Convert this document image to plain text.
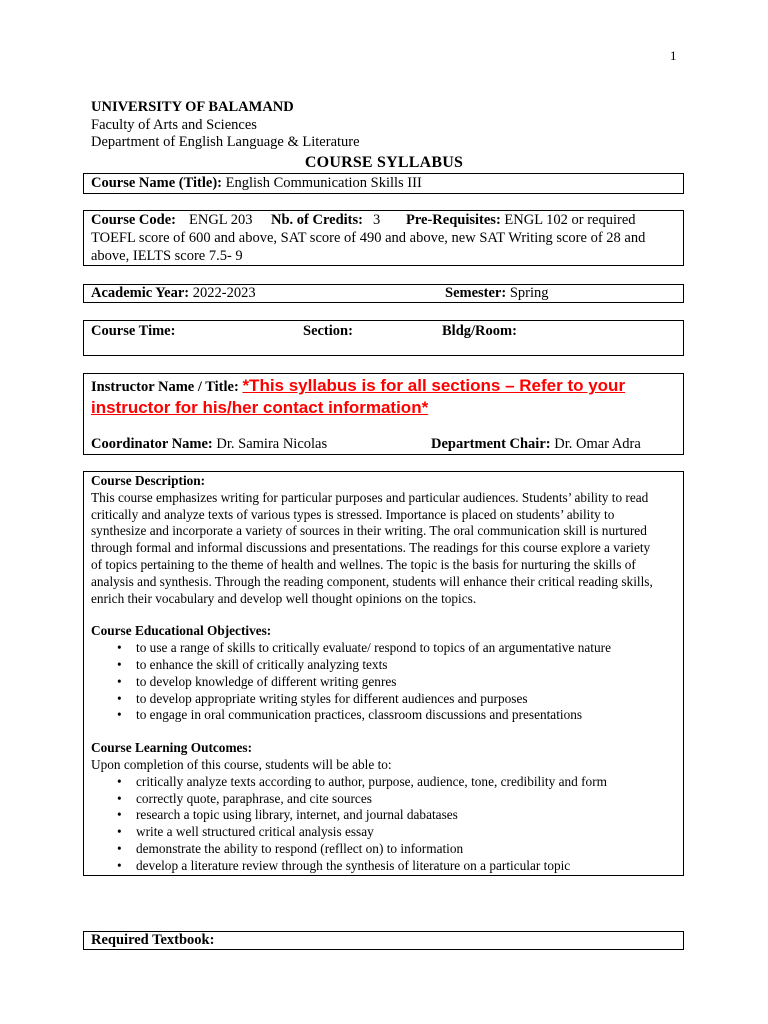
1
UNIVERSITY OF BALAMAND
Faculty of Arts and Sciences
Department of English Language & Literature
COURSE SYLLABUS
Course Name (Title): English Communication Skills III
Course Code: ENGL 203 Nb. of Credits: 3 Pre-Requisites: ENGL 102 or required
TOEFL score of 600 and above, SAT score of 490 and above, new SAT Writing score of 28 and
above, IELTS score 7.5- 9
Academic Year: 2022-2023	Semester: Spring
Course Time:	Section:	Bldg/Room:
Instructor Name / Title: *This syllabus is for all sections – Refer to your
instructor for his/her contact information*
Coordinator Name: Dr. Samira Nicolas	Department Chair: Dr. Omar Adra
Course Description:
This course emphasizes writing for particular purposes and particular audiences. Students’ ability to read
critically and analyze texts of various types is stressed. Importance is placed on students’ ability to
synthesize and incorporate a variety of sources in their writing. The oral communication skill is nurtured
through formal and informal discussions and presentations. The readings for this course explore a variety
of topics pertaining to the theme of health and wellnes. The topic is the basis for nurturing the skills of
analysis and synthesis. Through the reading component, students will enhance their critical reading skills,
enrich their vocabulary and develop well thought opinions on the topics.
Course Educational Objectives:
• to use a range of skills to critically evaluate/ respond to topics of an argumentative nature
• to enhance the skill of critically analyzing texts
• to develop knowledge of different writing genres
• to develop appropriate writing styles for different audiences and purposes
• to engage in oral communication practices, classroom discussions and presentations
Course Learning Outcomes:
Upon completion of this course, students will be able to:
• critically analyze texts according to author, purpose, audience, tone, credibility and form
• correctly quote, paraphrase, and cite sources
• research a topic using library, internet, and journal dabatases
• write a well structured critical analysis essay
• demonstrate the ability to respond (refllect on) to information
• develop a literature review through the synthesis of literature on a particular topic
Required Textbook:
